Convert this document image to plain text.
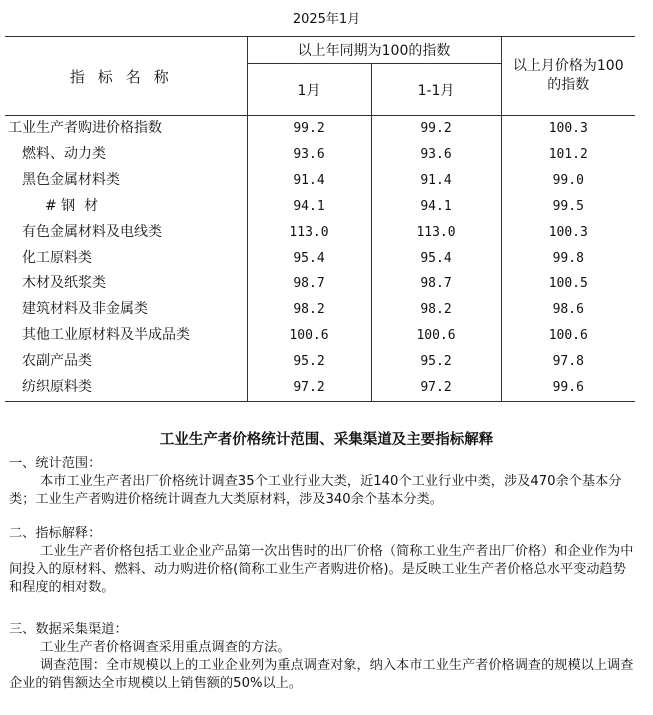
2025年1月
指标名称	以上年同期为100的指数		以上月价格为100的指数

	1月	1-1月	
工业生产者购进价格指数	99.2	99.2	100.3
燃料、动力类	93.6	93.6	101.2
黑色金属材料类	91.4	91.4	99.0
# 钢  材	94.1	94.1	99.5
有色金属材料及电线类	113.0	113.0	100.3
化工原料类	95.4	95.4	99.8
木材及纸浆类	98.7	98.7	100.5
建筑材料及非金属类	98.2	98.2	98.6
其他工业原材料及半成品类	100.6	100.6	100.6
农副产品类	95.2	95.2	97.8
纺织原料类	97.2	97.2	99.6
工业生产者价格统计范围、采集渠道及主要指标解释

一、统计范围：

本市工业生产者出厂价格统计调查35个工业行业大类，近140个工业行业中类，涉及470余个基本分类；工业生产者购进价格统计调查九大类原材料，涉及340余个基本分类。

二、指标解释：

工业生产者价格包括工业企业产品第一次出售时的出厂价格（简称工业生产者出厂价格）和企业作为中间投入的原材料、燃料、动力购进价格(简称工业生产者购进价格)。是反映工业生产者价格总水平变动趋势和程度的相对数。

三、数据采集渠道：

工业生产者价格调查采用重点调查的方法。

调查范围：全市规模以上的工业企业列为重点调查对象，纳入本市工业生产者价格调查的规模以上调查企业的销售额达全市规模以上销售额的50%以上。
